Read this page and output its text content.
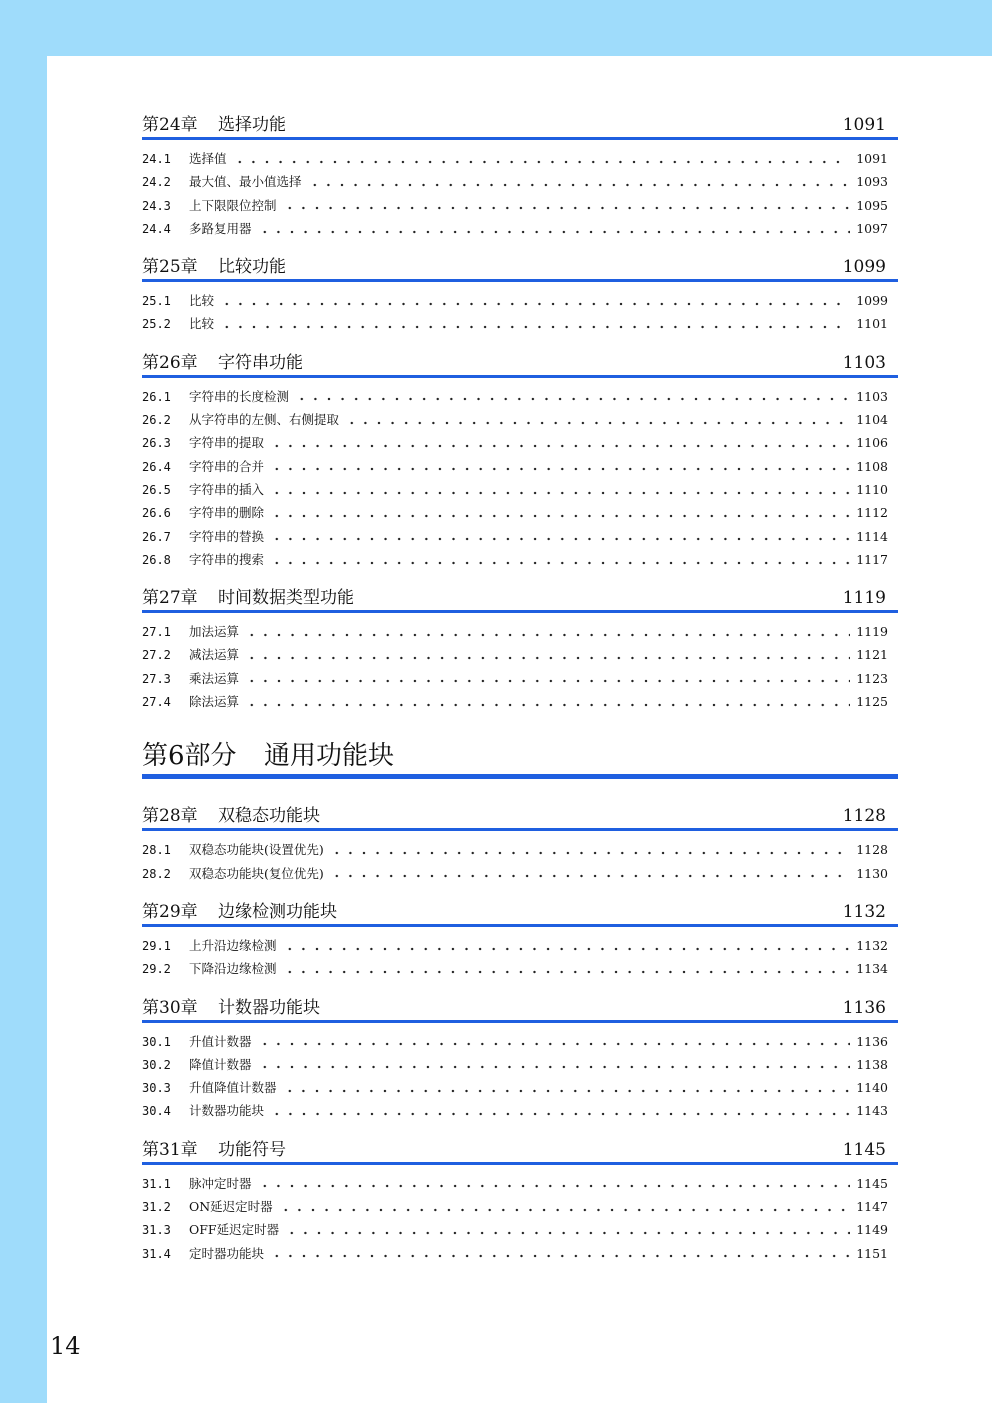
第24章	选择功能	1091
24.1	选择值	1091
24.2	最大值、最小值选择	1093
24.3	上下限限位控制	1095
24.4	多路复用器	1097
第25章	比较功能	1099
25.1	比较	1099
25.2	比较	1101
第26章	字符串功能	1103
26.1	字符串的长度检测	1103
26.2	从字符串的左侧、右侧提取	1104
26.3	字符串的提取	1106
26.4	字符串的合并	1108
26.5	字符串的插入	1110
26.6	字符串的删除	1112
26.7	字符串的替换	1114
26.8	字符串的搜索	1117
第27章	时间数据类型功能	1119
27.1	加法运算	1119
27.2	减法运算	1121
27.3	乘法运算	1123
27.4	除法运算	1125
第6部分	通用功能块
第28章	双稳态功能块	1128
28.1	双稳态功能块(设置优先)	1128
28.2	双稳态功能块(复位优先)	1130
第29章	边缘检测功能块	1132
29.1	上升沿边缘检测	1132
29.2	下降沿边缘检测	1134
第30章	计数器功能块	1136
30.1	升值计数器	1136
30.2	降值计数器	1138
30.3	升值降值计数器	1140
30.4	计数器功能块	1143
第31章	功能符号	1145
31.1	脉冲定时器	1145
31.2	ON延迟定时器	1147
31.3	OFF延迟定时器	1149
31.4	定时器功能块	1151
14
